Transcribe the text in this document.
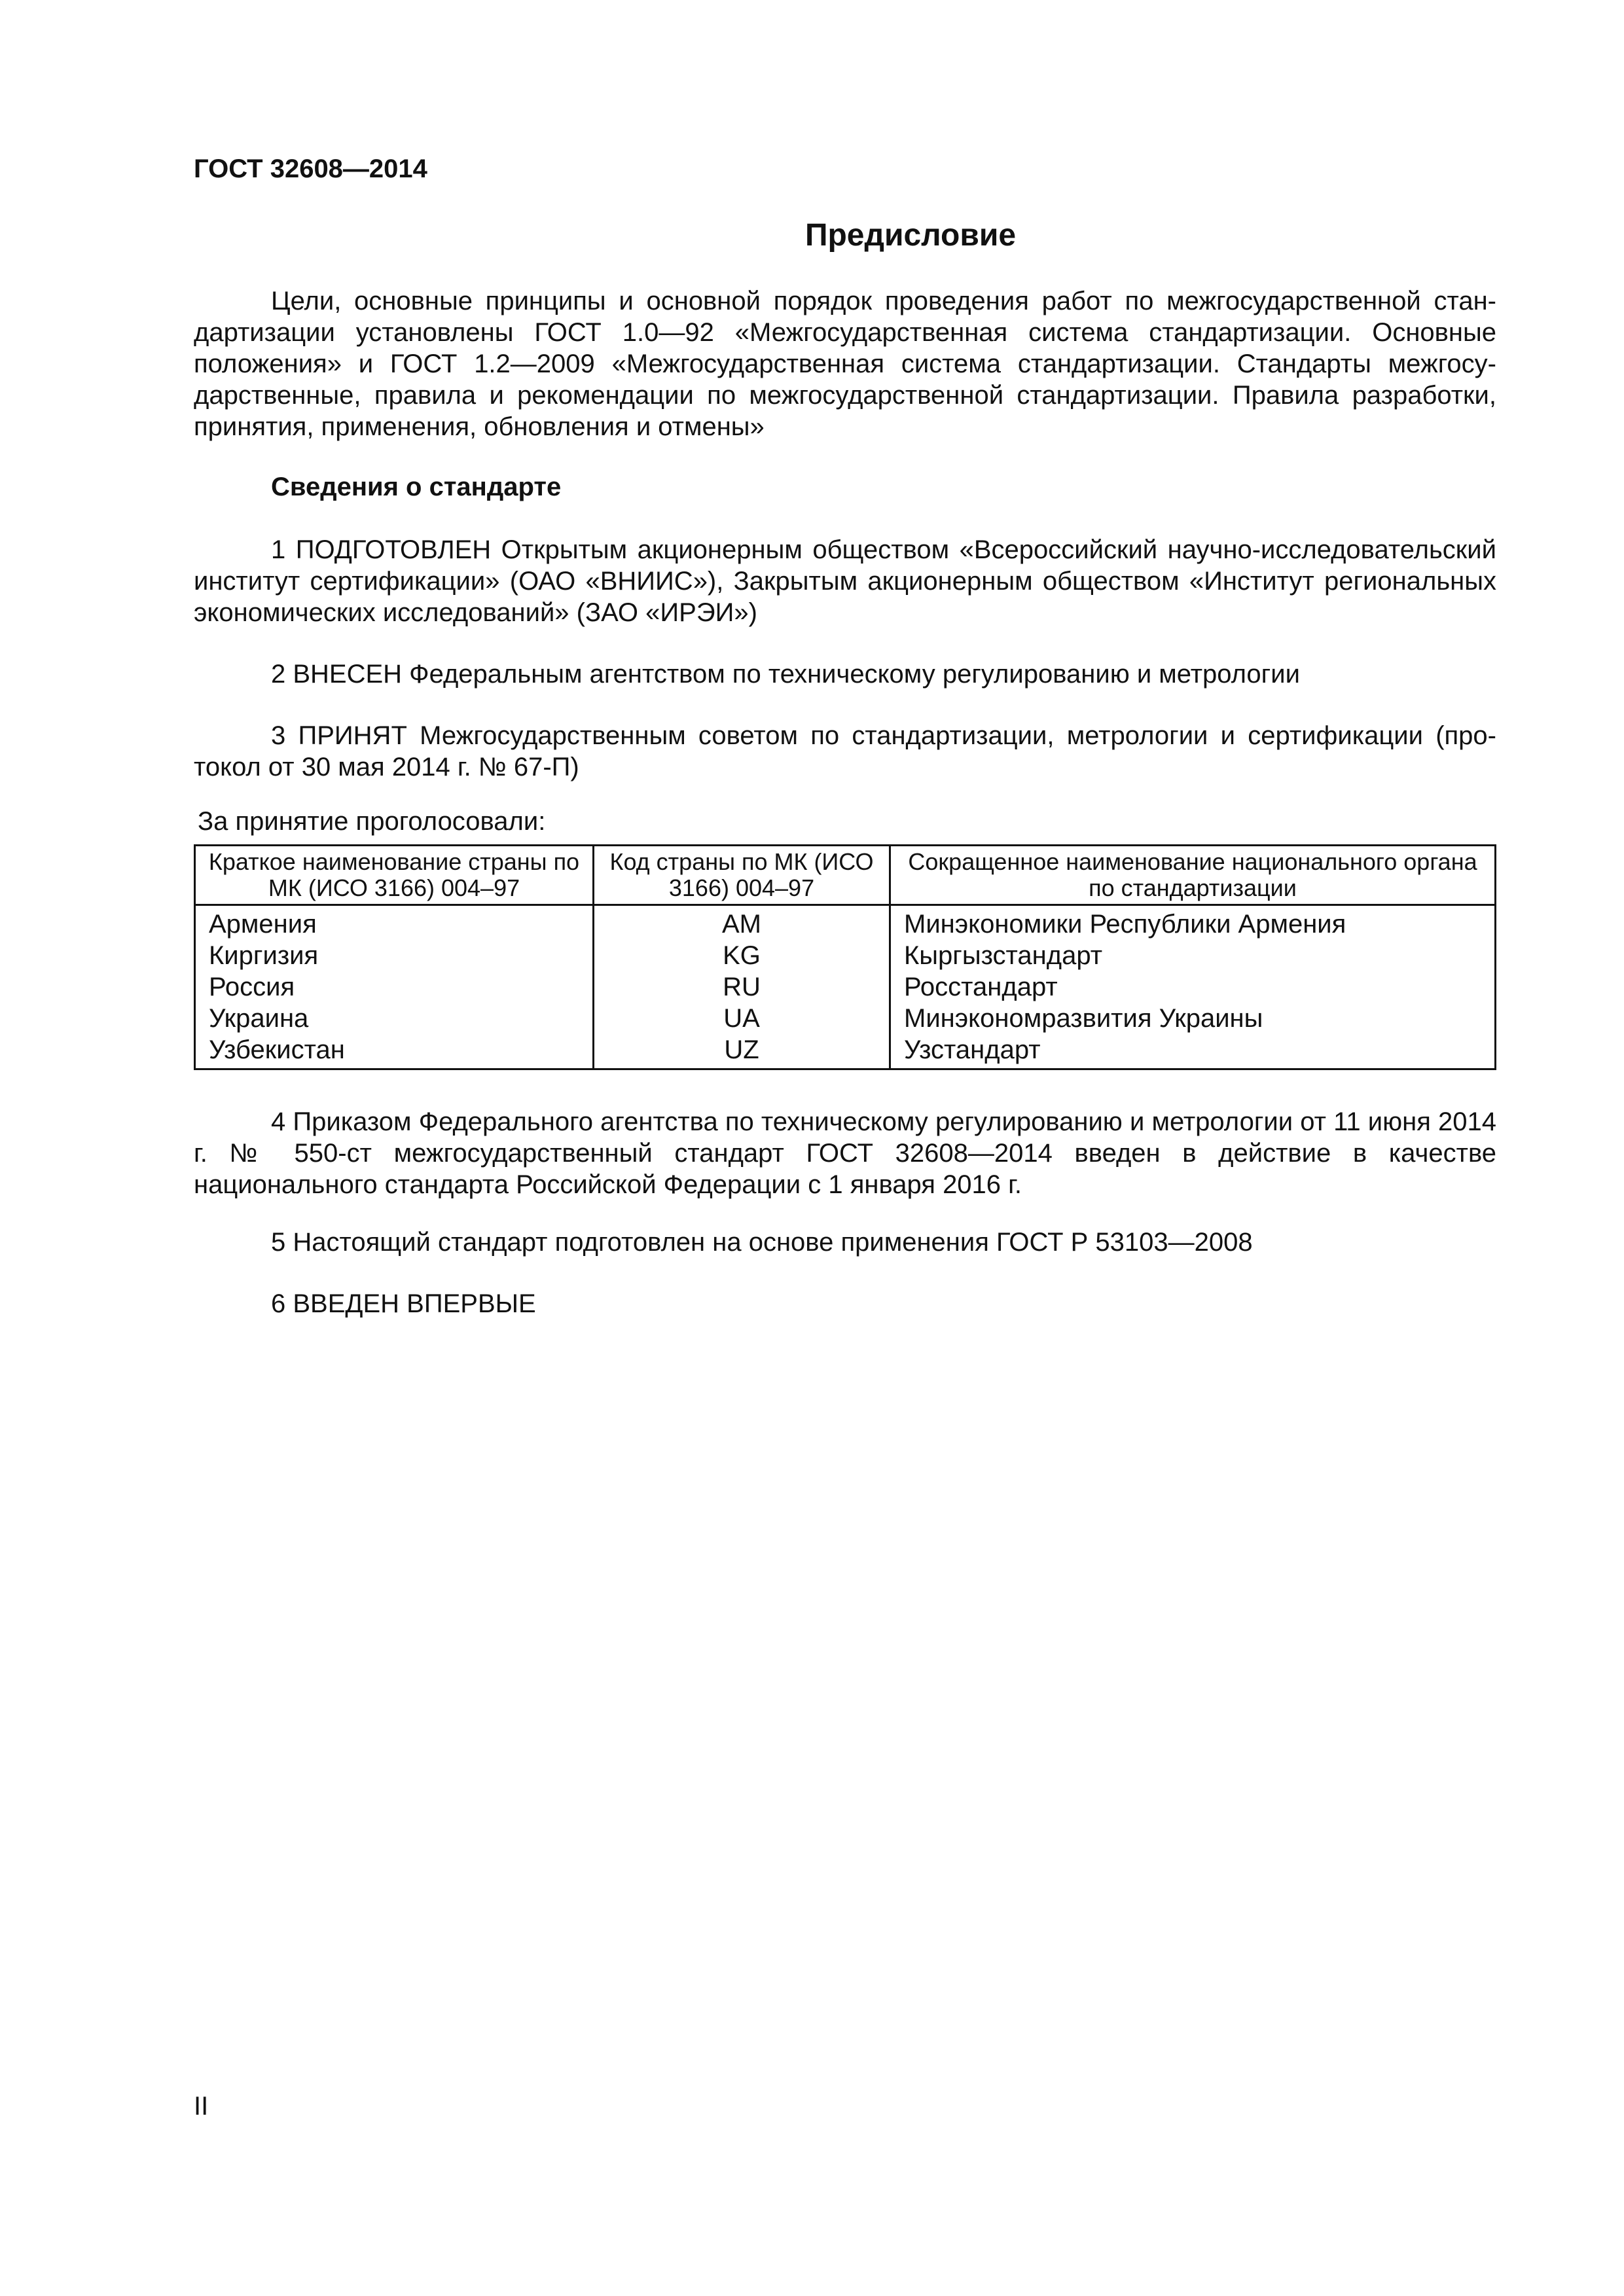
ГОСТ 32608—2014
Предисловие
Цели, основные принципы и основной порядок проведения работ по межгосударственной стандартизации установлены ГОСТ 1.0—92 «Межгосударственная система стандартизации. Основные положения» и ГОСТ 1.2—2009 «Межгосударственная система стандартизации. Стандарты межгосударственные, правила и рекомендации по межгосударственной стандартизации. Правила разработки, принятия, применения, обновления и отмены»
Сведения о стандарте
1 ПОДГОТОВЛЕН Открытым акционерным обществом «Всероссийский научно-исследовательский институт сертификации» (ОАО «ВНИИС»), Закрытым акционерным обществом «Институт региональных экономических исследований» (ЗАО «ИРЭИ»)
2 ВНЕСЕН Федеральным агентством по техническому регулированию и метрологии
3 ПРИНЯТ Межгосударственным советом по стандартизации, метрологии и сертификации (протокол от 30 мая 2014 г. № 67-П)
За принятие проголосовали:
Краткое наименование страны по МК (ИСО 3166) 004–97	Код страны по МК (ИСО 3166) 004–97	Сокращенное наименование национального органа по стандартизации
Армения	AM	Минэкономики Республики Армения
Киргизия	KG	Кыргызстандарт
Россия	RU	Росстандарт
Украина	UA	Минэкономразвития Украины
Узбекистан	UZ	Узстандарт
4 Приказом Федерального агентства по техническому регулированию и метрологии от 11 июня 2014 г. № 550-ст межгосударственный стандарт ГОСТ 32608—2014 введен в действие в качестве национального стандарта Российской Федерации с 1 января 2016 г.
5 Настоящий стандарт подготовлен на основе применения ГОСТ Р 53103—2008
6 ВВЕДЕН ВПЕРВЫЕ
II
